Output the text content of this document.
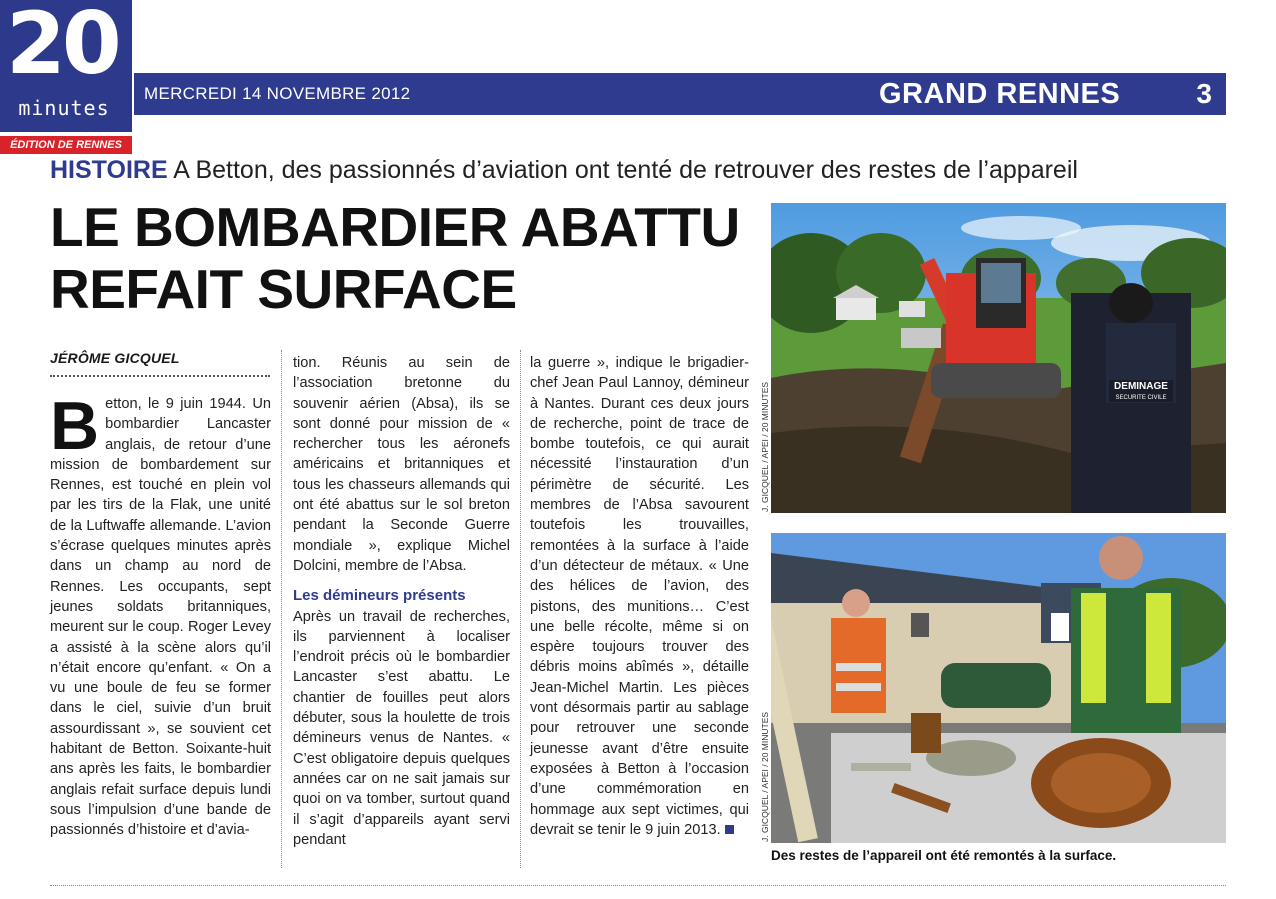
20
minutes
ÉDITION DE RENNES
MERCREDI 14 NOVEMBRE 2012	GRAND RENNES	3
HISTOIRE A Betton, des passionnés d’aviation ont tenté de retrouver des restes de l’appareil
LE BOMBARDIER ABATTU
REFAIT SURFACE
JÉRÔME GICQUEL
Betton, le 9 juin 1944. Un bombardier Lancaster anglais, de retour d’une mission de bombardement sur Rennes, est touché en plein vol par les tirs de la Flak, une unité de la Luftwaffe allemande. L’avion s’écrase quelques minutes après dans un champ au nord de Rennes. Les occupants, sept jeunes soldats britanniques, meurent sur le coup. Roger Levey a assisté à la scène alors qu’il n’était encore qu’enfant. « On a vu une boule de feu se former dans le ciel, suivie d’un bruit assourdissant », se souvient cet habitant de Betton. Soixante-huit ans après les faits, le bombardier anglais refait surface depuis lundi sous l’impulsion d’une bande de passionnés d’histoire et d’avia-
tion. Réunis au sein de l’association bretonne du souvenir aérien (Absa), ils se sont donné pour mission de « rechercher tous les aéronefs américains et britanniques et tous les chasseurs allemands qui ont été abattus sur le sol breton pendant la Seconde Guerre mondiale », explique Michel Dolcini, membre de l’Absa.
Les démineurs présents
Après un travail de recherches, ils parviennent à localiser l’endroit précis où le bombardier Lancaster s’est abattu. Le chantier de fouilles peut alors débuter, sous la houlette de trois démineurs venus de Nantes. « C’est obligatoire depuis quelques années car on ne sait jamais sur quoi on va tomber, surtout quand il s’agit d’appareils ayant servi pendant
la guerre », indique le brigadier-chef Jean Paul Lannoy, démineur à Nantes. Durant ces deux jours de recherche, point de trace de bombe toutefois, ce qui aurait nécessité l’instauration d’un périmètre de sécurité. Les membres de l’Absa savourent toutefois les trouvailles, remontées à la surface à l’aide d’un détecteur de métaux. « Une des hélices de l’avion, des pistons, des munitions… C’est une belle récolte, même si on espère toujours trouver des débris moins abîmés », détaille Jean-Michel Martin. Les pièces vont désormais partir au sablage pour retrouver une seconde jeunesse avant d’être ensuite exposées à Betton à l’occasion d’une commémoration en hommage aux sept victimes, qui devrait se tenir le 9 juin 2013.
DEMINAGE
SECURITE CIVILE
J. GICQUEL / APEI / 20 MINUTES
J. GICQUEL / APEI / 20 MINUTES
Des restes de l’appareil ont été remontés à la surface.
